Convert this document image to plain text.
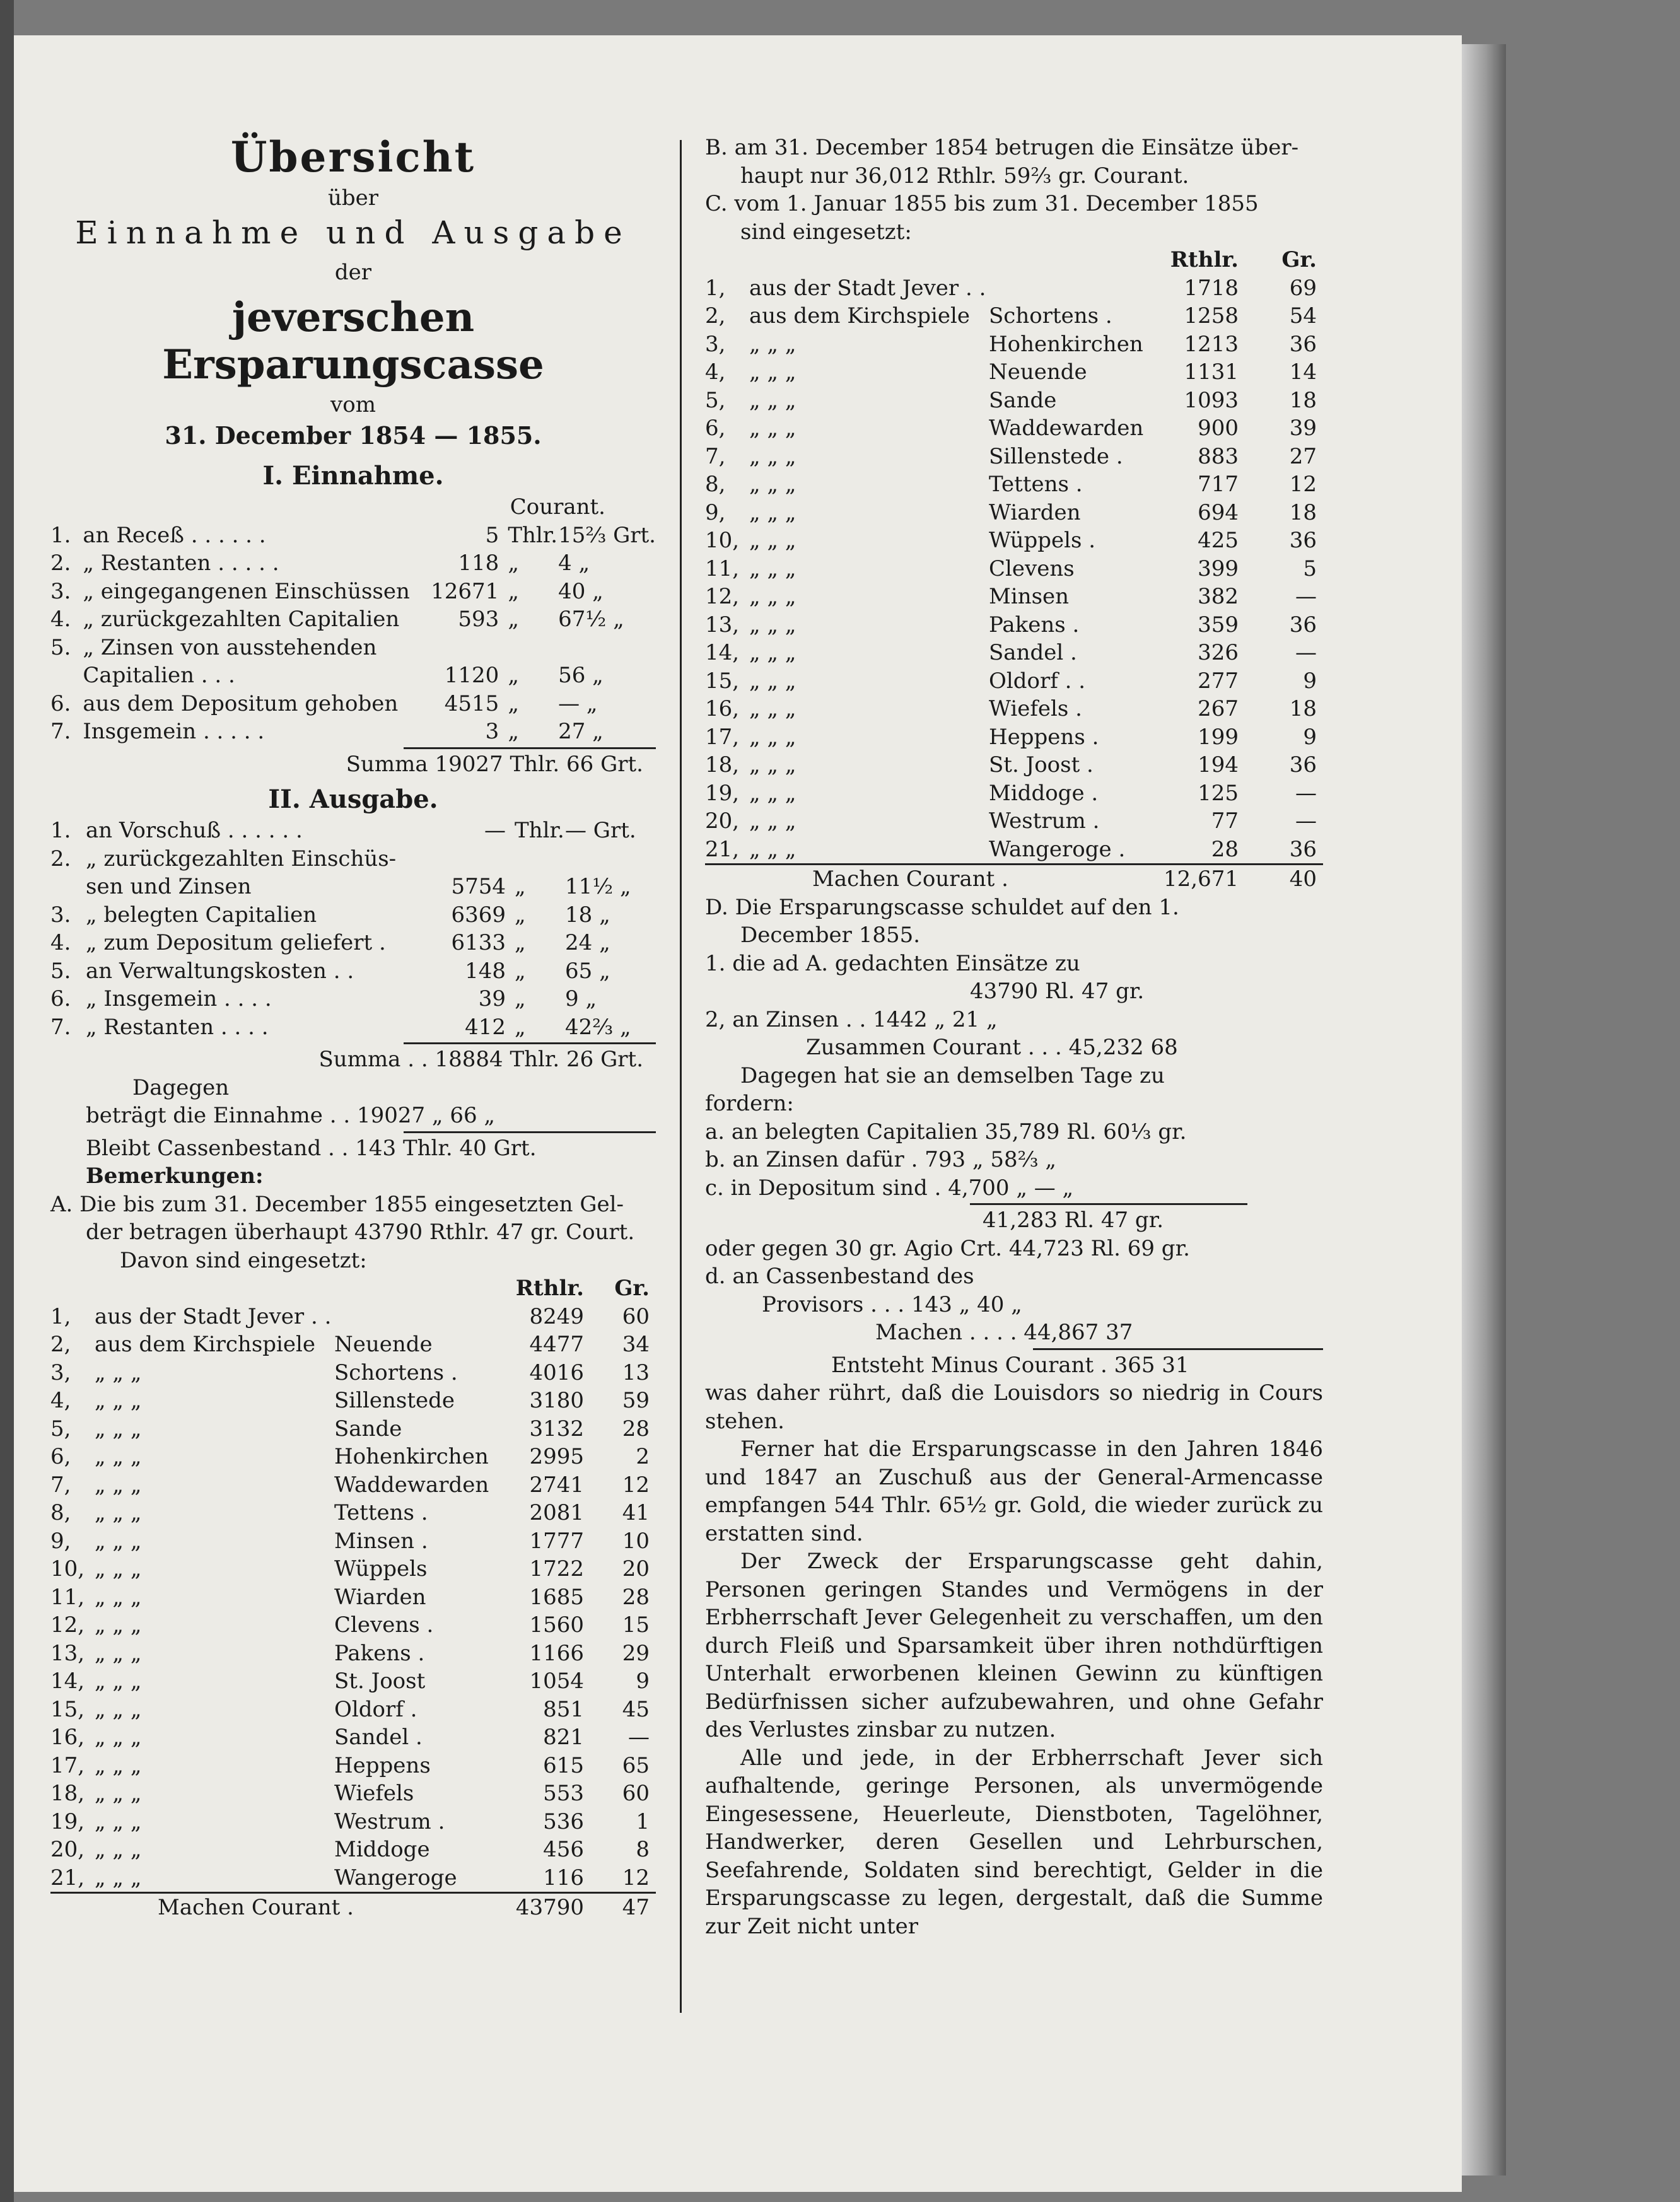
Übersicht
über
Einnahme und Ausgabe
der
jeverschen Ersparungscasse
vom
31. December 1854 — 1855.
I. Einnahme.
Courant.
1.	an Receß . . . . . .	5	Thlr.	15⅔ Grt.
2.	„ Restanten . . . . .	118	„	4 „
3.	„ eingegangenen Einschüssen	12671	„	40 „
4.	„ zurückgezahlten Capitalien	593	„	67½ „
5.	„ Zinsen von ausstehenden			
	Capitalien . . .	1120	„	56 „
6.	aus dem Depositum gehoben	4515	„	— „
7.	Insgemein . . . . .	3	„	27 „
Summa 19027 Thlr. 66 Grt.
II. Ausgabe.
1.	an Vorschuß . . . . . .	—	Thlr.	— Grt.
2.	„ zurückgezahlten Einschüs-			
	sen und Zinsen	5754	„	11½ „
3.	„ belegten Capitalien	6369	„	18 „
4.	„ zum Depositum geliefert .	6133	„	24 „
5.	an Verwaltungskosten . .	148	„	65 „
6.	„ Insgemein . . . .	39	„	9 „
7.	„ Restanten . . . .	412	„	42⅔ „
Summa . . 18884 Thlr. 26 Grt.
Dagegen
beträgt die Einnahme . . 19027 „ 66 „
Bleibt Cassenbestand . . 143 Thlr. 40 Grt.
Bemerkungen:
A. Die bis zum 31. December 1855 eingesetzten Gel-
der betragen überhaupt 43790 Rthlr. 47 gr. Court.
Davon sind eingesetzt:
			Rthlr.	Gr.
1,	aus der Stadt Jever . .		8249	60
2,	aus dem Kirchspiele	Neuende	4477	34
3,	„ „ „	Schortens .	4016	13
4,	„ „ „	Sillenstede	3180	59
5,	„ „ „	Sande	3132	28
6,	„ „ „	Hohenkirchen	2995	2
7,	„ „ „	Waddewarden	2741	12
8,	„ „ „	Tettens .	2081	41
9,	„ „ „	Minsen .	1777	10
10,	„ „ „	Wüppels	1722	20
11,	„ „ „	Wiarden	1685	28
12,	„ „ „	Clevens .	1560	15
13,	„ „ „	Pakens .	1166	29
14,	„ „ „	St. Joost	1054	9
15,	„ „ „	Oldorf .	851	45
16,	„ „ „	Sandel .	821	—
17,	„ „ „	Heppens	615	65
18,	„ „ „	Wiefels	553	60
19,	„ „ „	Westrum .	536	1
20,	„ „ „	Middoge	456	8
21,	„ „ „	Wangeroge	116	12
	Machen Courant .		43790	47
B. am 31. December 1854 betrugen die Einsätze über-
haupt nur 36,012 Rthlr. 59⅔ gr. Courant.
C. vom 1. Januar 1855 bis zum 31. December 1855
sind eingesetzt:
			Rthlr.	Gr.
1,	aus der Stadt Jever . .		1718	69
2,	aus dem Kirchspiele	Schortens .	1258	54
3,	„ „ „	Hohenkirchen	1213	36
4,	„ „ „	Neuende	1131	14
5,	„ „ „	Sande	1093	18
6,	„ „ „	Waddewarden	900	39
7,	„ „ „	Sillenstede .	883	27
8,	„ „ „	Tettens .	717	12
9,	„ „ „	Wiarden	694	18
10,	„ „ „	Wüppels .	425	36
11,	„ „ „	Clevens	399	5
12,	„ „ „	Minsen	382	—
13,	„ „ „	Pakens .	359	36
14,	„ „ „	Sandel .	326	—
15,	„ „ „	Oldorf . .	277	9
16,	„ „ „	Wiefels .	267	18
17,	„ „ „	Heppens .	199	9
18,	„ „ „	St. Joost .	194	36
19,	„ „ „	Middoge .	125	—
20,	„ „ „	Westrum .	77	—
21,	„ „ „	Wangeroge .	28	36
	Machen Courant .		12,671	40
D. Die Ersparungscasse schuldet auf den 1.
December 1855.
1. die ad A. gedachten Einsätze zu
43790 Rl. 47 gr.
2, an Zinsen . . 1442 „ 21 „
Zusammen Courant . . . 45,232 68
Dagegen hat sie an demselben Tage zu
fordern:
a. an belegten Capitalien 35,789 Rl. 60⅓ gr.
b. an Zinsen dafür . 793 „ 58⅔ „
c. in Depositum sind . 4,700 „ — „
41,283 Rl. 47 gr.
oder gegen 30 gr. Agio Crt. 44,723 Rl. 69 gr.
d. an Cassenbestand des
Provisors . . . 143 „ 40 „
Machen . . . . 44,867 37
Entsteht Minus Courant . 365 31

was daher rührt, daß die Louisdors so niedrig in Cours stehen.

Ferner hat die Ersparungscasse in den Jahren 1846 und 1847 an Zuschuß aus der General-Armencasse empfangen 544 Thlr. 65½ gr. Gold, die wieder zurück zu erstatten sind.

Der Zweck der Ersparungscasse geht dahin, Personen geringen Standes und Vermögens in der Erbherrschaft Jever Gelegenheit zu verschaffen, um den durch Fleiß und Sparsamkeit über ihren nothdürftigen Unterhalt erworbenen kleinen Gewinn zu künftigen Bedürfnissen sicher aufzubewahren, und ohne Gefahr des Verlustes zinsbar zu nutzen.

Alle und jede, in der Erbherrschaft Jever sich aufhaltende, geringe Personen, als unvermögende Eingesessene, Heuerleute, Dienstboten, Tagelöhner, Handwerker, deren Gesellen und Lehrburschen, Seefahrende, Soldaten sind berechtigt, Gelder in die Ersparungscasse zu legen, dergestalt, daß die Summe zur Zeit nicht unter
